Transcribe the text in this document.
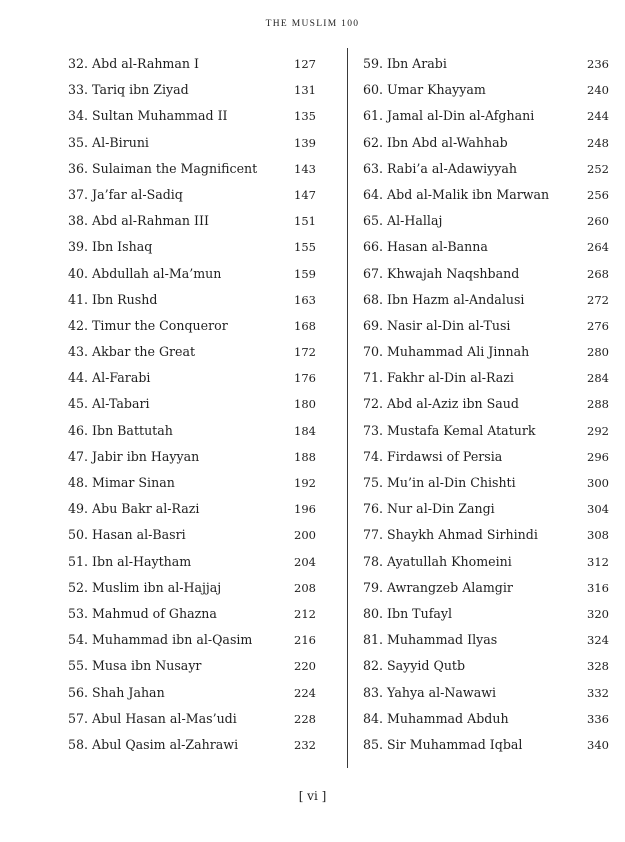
THE MUSLIM 100
32. Abd al-Rahman I	127
33. Tariq ibn Ziyad	131
34. Sultan Muhammad II	135
35. Al-Biruni	139
36. Sulaiman the Magnificent	143
37. Ja’far al-Sadiq	147
38. Abd al-Rahman III	151
39. Ibn Ishaq	155
40. Abdullah al-Ma’mun	159
41. Ibn Rushd	163
42. Timur the Conqueror	168
43. Akbar the Great	172
44. Al-Farabi	176
45. Al-Tabari	180
46. Ibn Battutah	184
47. Jabir ibn Hayyan	188
48. Mimar Sinan	192
49. Abu Bakr al-Razi	196
50. Hasan al-Basri	200
51. Ibn al-Haytham	204
52. Muslim ibn al-Hajjaj	208
53. Mahmud of Ghazna	212
54. Muhammad ibn al-Qasim	216
55. Musa ibn Nusayr	220
56. Shah Jahan	224
57. Abul Hasan al-Mas’udi	228
58. Abul Qasim al-Zahrawi	232
59. Ibn Arabi	236
60. Umar Khayyam	240
61. Jamal al-Din al-Afghani	244
62. Ibn Abd al-Wahhab	248
63. Rabi’a al-Adawiyyah	252
64. Abd al-Malik ibn Marwan	256
65. Al-Hallaj	260
66. Hasan al-Banna	264
67. Khwajah Naqshband	268
68. Ibn Hazm al-Andalusi	272
69. Nasir al-Din al-Tusi	276
70. Muhammad Ali Jinnah	280
71. Fakhr al-Din al-Razi	284
72. Abd al-Aziz ibn Saud	288
73. Mustafa Kemal Ataturk	292
74. Firdawsi of Persia	296
75. Mu’in al-Din Chishti	300
76. Nur al-Din Zangi	304
77. Shaykh Ahmad Sirhindi	308
78. Ayatullah Khomeini	312
79. Awrangzeb Alamgir	316
80. Ibn Tufayl	320
81. Muhammad Ilyas	324
82. Sayyid Qutb	328
83. Yahya al-Nawawi	332
84. Muhammad Abduh	336
85. Sir Muhammad Iqbal	340
[ vi ]
